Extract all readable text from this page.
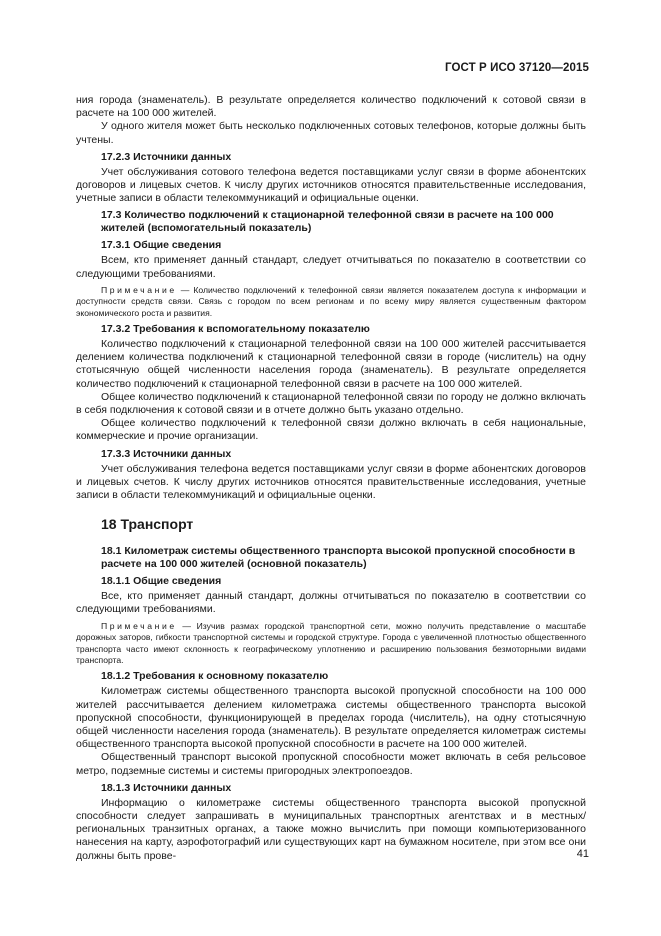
ГОСТ Р ИСО 37120—2015

ния города (знаменатель). В результате определяется количество подключений к сотовой связи в расчете на 100 000 жителей.

У одного жителя может быть несколько подключенных сотовых телефонов, которые должны быть учтены.

17.2.3 Источники данных

Учет обслуживания сотового телефона ведется поставщиками услуг связи в форме абонентских договоров и лицевых счетов. К числу других источников относятся правительственные исследования, учетные записи в области телекоммуникаций и официальные оценки.

17.3 Количество подключений к стационарной телефонной связи в расчете на 100 000 жителей (вспомогательный показатель)
17.3.1 Общие сведения

Всем, кто применяет данный стандарт, следует отчитываться по показателю в соответствии со следующими требованиями.

Примечание — Количество подключений к телефонной связи является показателем доступа к информации и доступности средств связи. Связь с городом по всем регионам и по всему миру является существенным фактором экономического роста и развития.

17.3.2 Требования к вспомогательному показателю

Количество подключений к стационарной телефонной связи на 100 000 жителей рассчитывается делением количества подключений к стационарной телефонной связи в городе (числитель) на одну стотысячную общей численности населения города (знаменатель). В результате определяется количество подключений к стационарной телефонной связи в расчете на 100 000 жителей.

Общее количество подключений к стационарной телефонной связи по городу не должно включать в себя подключения к сотовой связи и в отчете должно быть указано отдельно.

Общее количество подключений к телефонной связи должно включать в себя национальные, коммерческие и прочие организации.

17.3.3 Источники данных

Учет обслуживания телефона ведется поставщиками услуг связи в форме абонентских договоров и лицевых счетов. К числу других источников относятся правительственные исследования, учетные записи в области телекоммуникаций и официальные оценки.

18 Транспорт
18.1 Километраж системы общественного транспорта высокой пропускной способности в расчете на 100 000 жителей (основной показатель)
18.1.1 Общие сведения

Все, кто применяет данный стандарт, должны отчитываться по показателю в соответствии со следующими требованиями.

Примечание — Изучив размах городской транспортной сети, можно получить представление о масштабе дорожных заторов, гибкости транспортной системы и городской структуре. Города с увеличенной плотностью общественного транспорта часто имеют склонность к географическому уплотнению и расширению пользования безмоторными видами транспорта.

18.1.2 Требования к основному показателю

Километраж системы общественного транспорта высокой пропускной способности на 100 000 жителей рассчитывается делением километража системы общественного транспорта высокой пропускной способности, функционирующей в пределах города (числитель), на одну стотысячную общей численности населения города (знаменатель). В результате определяется километраж системы общественного транспорта высокой пропускной способности в расчете на 100 000 жителей.

Общественный транспорт высокой пропускной способности может включать в себя рельсовое метро, подземные системы и системы пригородных электропоездов.

18.1.3 Источники данных

Информацию о километраже системы общественного транспорта высокой пропускной способности следует запрашивать в муниципальных транспортных агентствах и в местных/региональных транзитных органах, а также можно вычислить при помощи компьютеризованного нанесения на карту, аэрофотографий или существующих карт на бумажном носителе, при этом все они должны быть прове-	41
